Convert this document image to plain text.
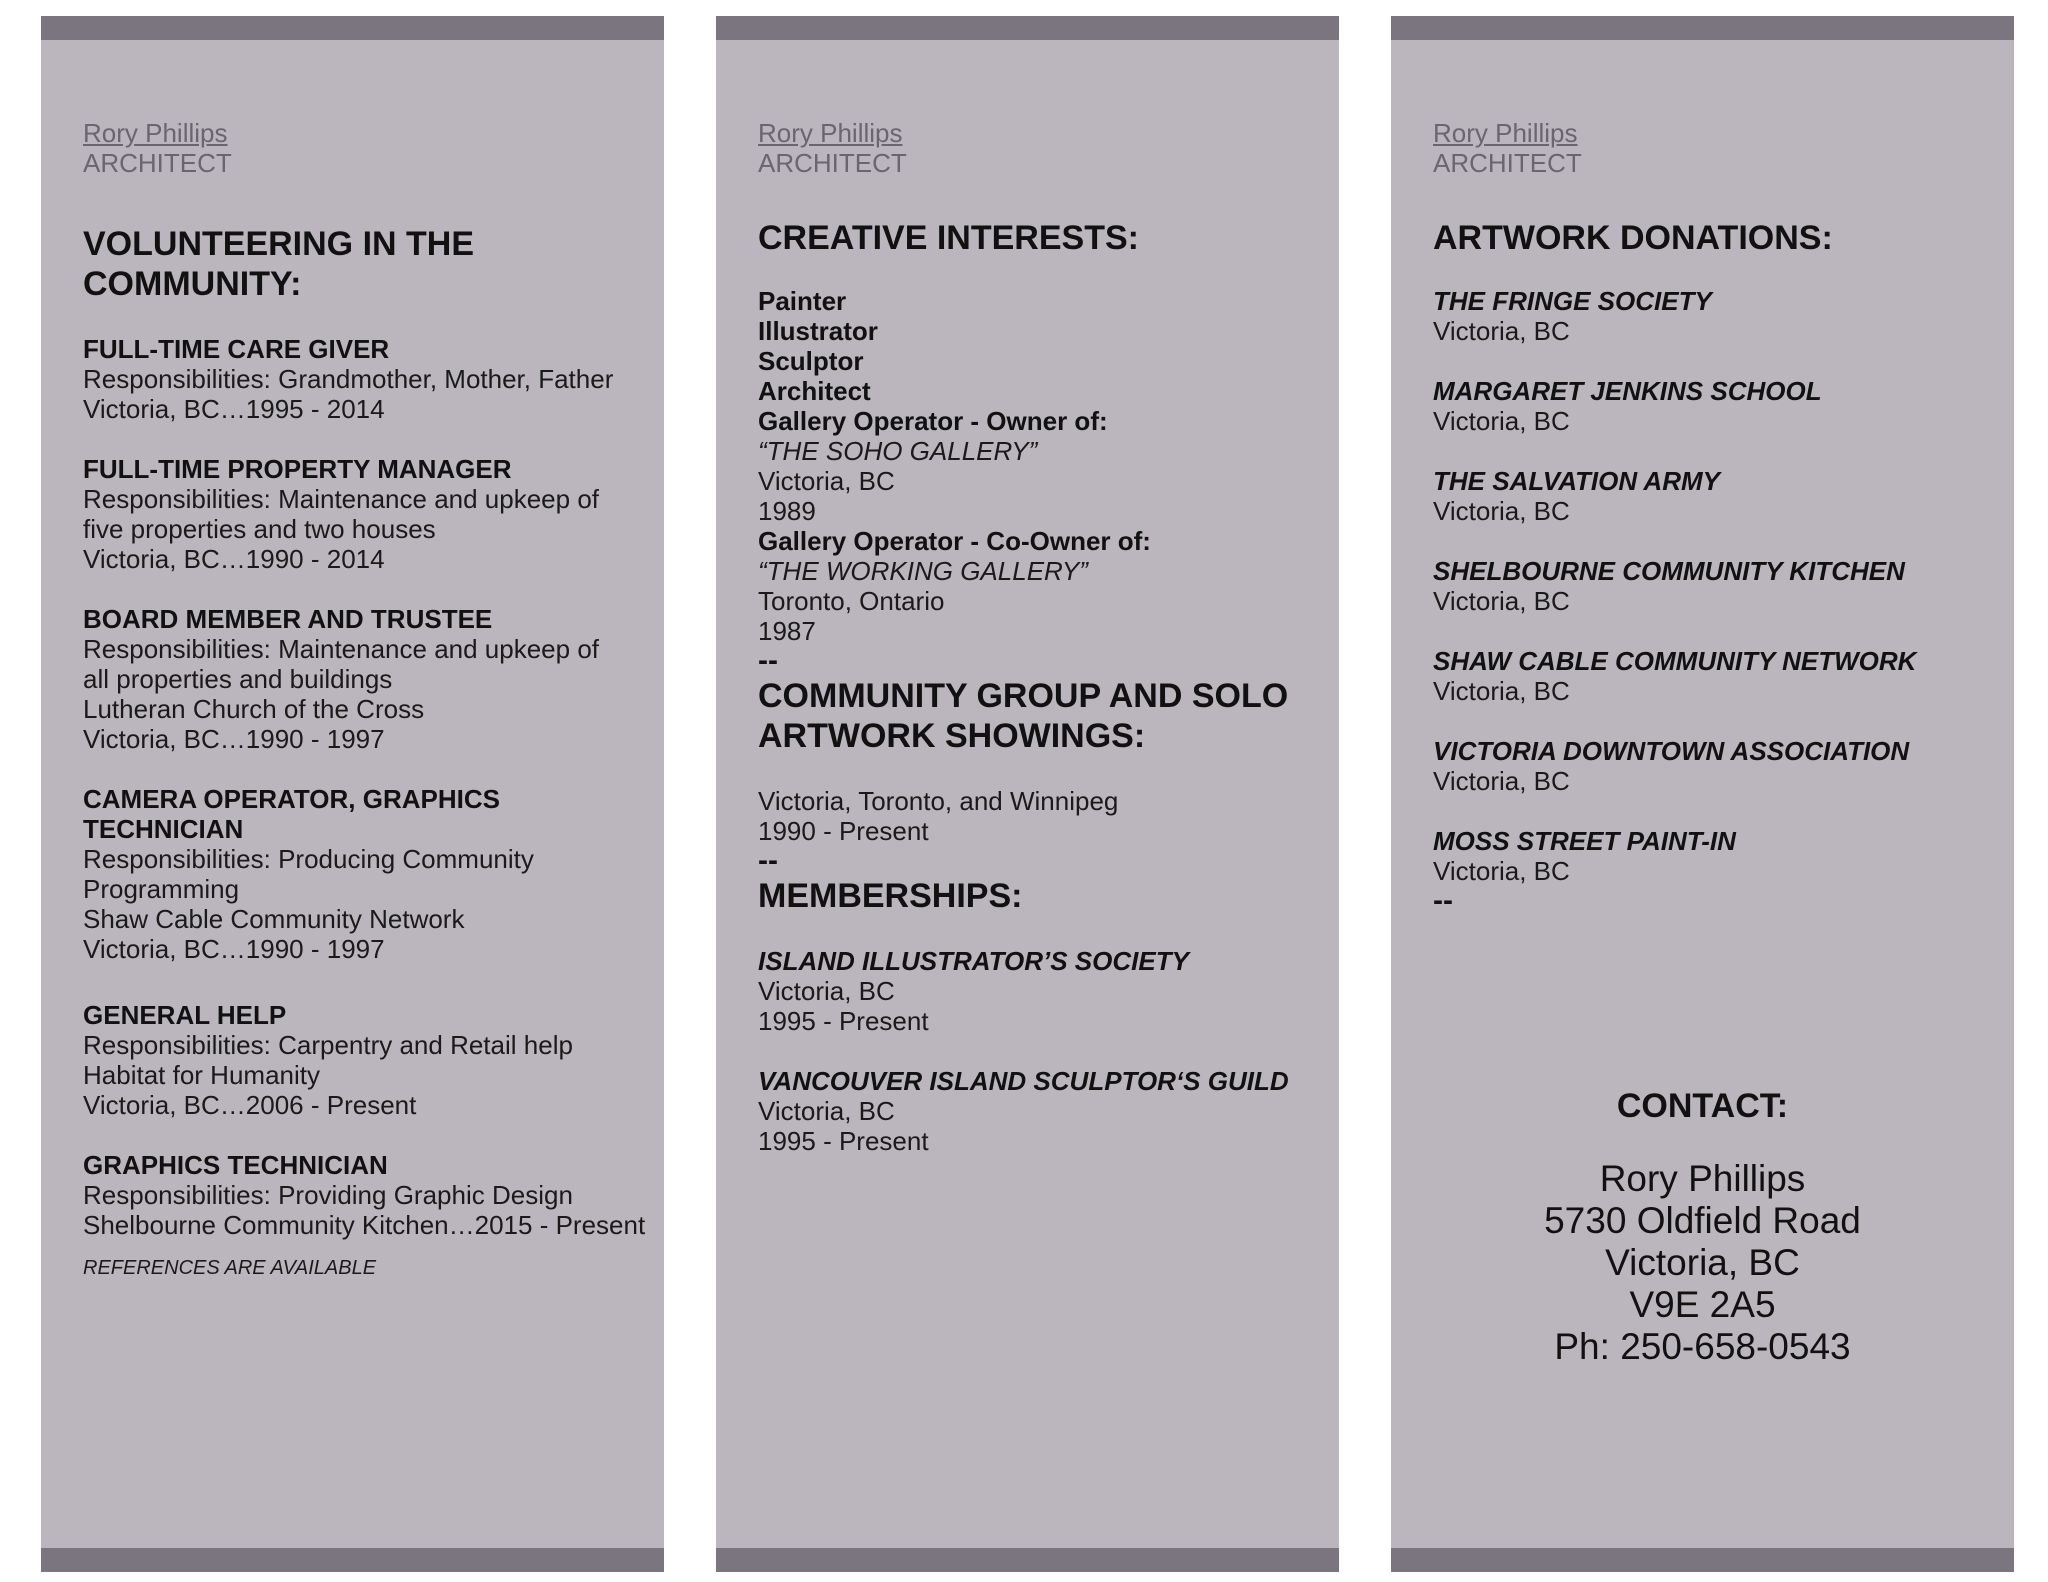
Rory Phillips
ARCHITECT
VOLUNTEERING IN THE
COMMUNITY:
FULL-TIME CARE GIVER
Responsibilities: Grandmother, Mother, Father
Victoria, BC…1995 - 2014
FULL-TIME PROPERTY MANAGER
Responsibilities: Maintenance and upkeep of
five properties and two houses
Victoria, BC…1990 - 2014
BOARD MEMBER AND TRUSTEE
Responsibilities: Maintenance and upkeep of
all properties and buildings
Lutheran Church of the Cross
Victoria, BC…1990 - 1997
CAMERA OPERATOR, GRAPHICS
TECHNICIAN
Responsibilities: Producing Community
Programming
Shaw Cable Community Network
Victoria, BC…1990 - 1997
GENERAL HELP
Responsibilities: Carpentry and Retail help
Habitat for Humanity
Victoria, BC…2006 - Present
GRAPHICS TECHNICIAN
Responsibilities: Providing Graphic Design
Shelbourne Community Kitchen…2015 - Present
REFERENCES ARE AVAILABLE
Rory Phillips
ARCHITECT
CREATIVE INTERESTS:
Painter
Illustrator
Sculptor
Architect
Gallery Operator - Owner of:
“THE SOHO GALLERY”
Victoria, BC
1989
Gallery Operator - Co-Owner of:
“THE WORKING GALLERY”
Toronto, Ontario
1987
--
COMMUNITY GROUP AND SOLO
ARTWORK SHOWINGS:
Victoria, Toronto, and Winnipeg
1990 - Present
--
MEMBERSHIPS:
ISLAND ILLUSTRATOR’S SOCIETY
Victoria, BC
1995 - Present
VANCOUVER ISLAND SCULPTOR‘S GUILD
Victoria, BC
1995 - Present
Rory Phillips
ARCHITECT
ARTWORK DONATIONS:
THE FRINGE SOCIETY
Victoria, BC
MARGARET JENKINS SCHOOL
Victoria, BC
THE SALVATION ARMY
Victoria, BC
SHELBOURNE COMMUNITY KITCHEN
Victoria, BC
SHAW CABLE COMMUNITY NETWORK
Victoria, BC
VICTORIA DOWNTOWN ASSOCIATION
Victoria, BC
MOSS STREET PAINT-IN
Victoria, BC
--
CONTACT:
Rory Phillips
5730 Oldfield Road
Victoria, BC
V9E 2A5
Ph: 250-658-0543
